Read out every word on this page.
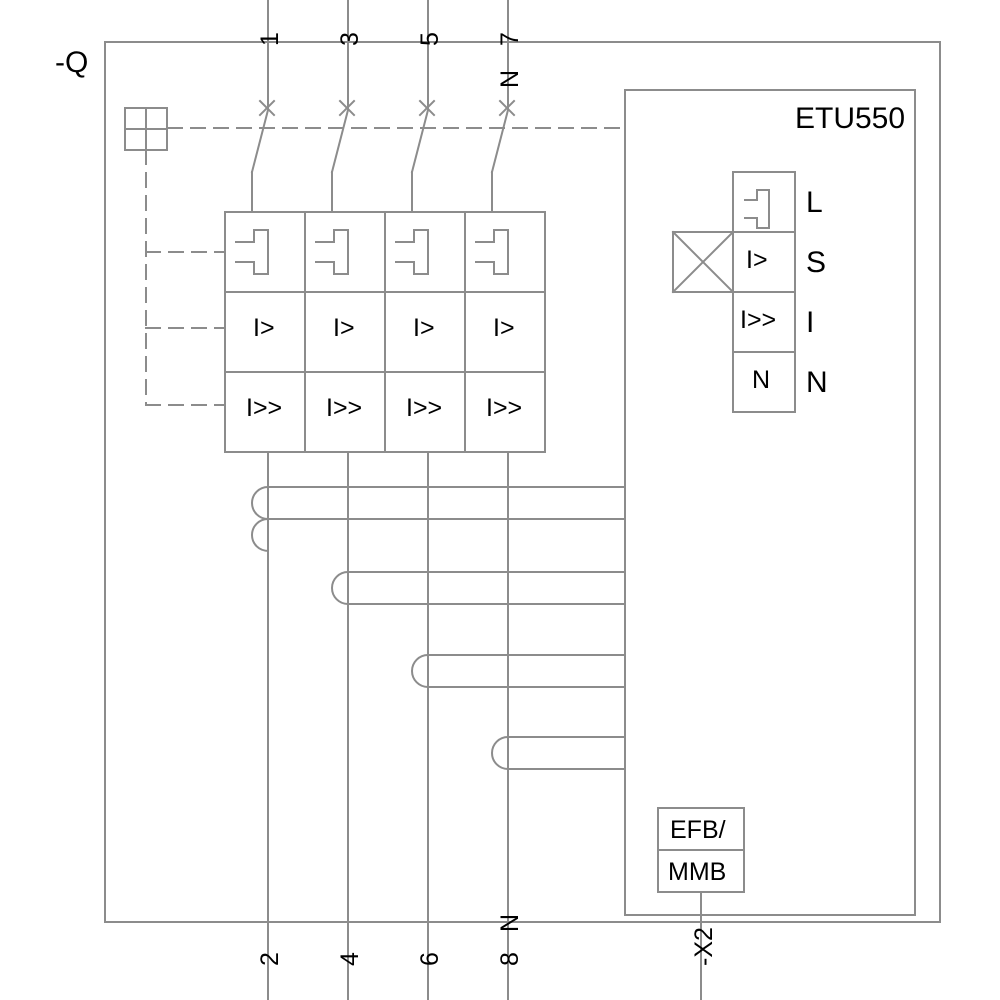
-Q
ETU550
1 3 5 7
N
2 4 6 8
N
-X2
I> I> I> I>
I>> I>> I>> I>>
I>
I>>
N
L
S
I
N
EFB/
MMB
